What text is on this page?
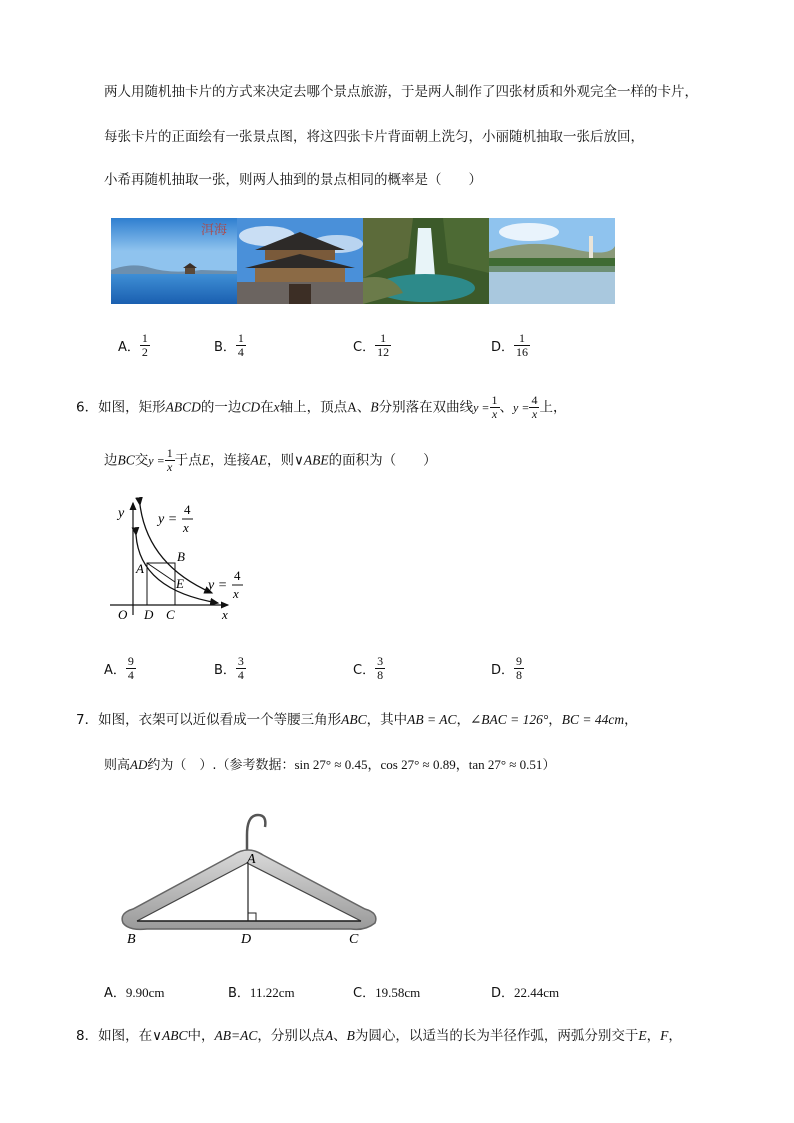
两人用随机抽卡片的方式来决定去哪个景点旅游，于是两人制作了四张材质和外观完全一样的卡片，
每张卡片的正面绘有一张景点图，将这四张卡片背面朝上洗匀，小丽随机抽取一张后放回，
小希再随机抽取一张，则两人抽到的景点相同的概率是（　　）
洱海
A． $\frac{1}{2}$	B． $\frac{1}{4}$	C． $\frac{1}{12}$	D． $\frac{1}{16}$
6．如图，矩形ABCD的一边CD在x轴上，顶点A、B分别落在双曲线$y = \frac{1}{x}$ 、$y = \frac{4}{x}$ 上，
边BC交$y = \frac{1}{x}$ 于点E，连接AE，则∨ABE的面积为（　　）
y
x
O D C
A
B
E
y =
4
x
y =
4
x
A． $\frac{9}{4}$	B． $\frac{3}{4}$	C． $\frac{3}{8}$	D． $\frac{9}{8}$
7．如图，衣架可以近似看成一个等腰三角形ABC，其中AB = AC，∠BAC = 126°，BC = 44cm，
则高AD约为（　）.（参考数据：sin 27° ≈ 0.45，cos 27° ≈ 0.89，tan 27° ≈ 0.51）
A
B	D	C
A．9.90cm	B．11.22cm	C．19.58cm	D．22.44cm
8．如图，在∨ABC中，AB=AC，分别以点A、B为圆心，以适当的长为半径作弧，两弧分别交于E，F，
